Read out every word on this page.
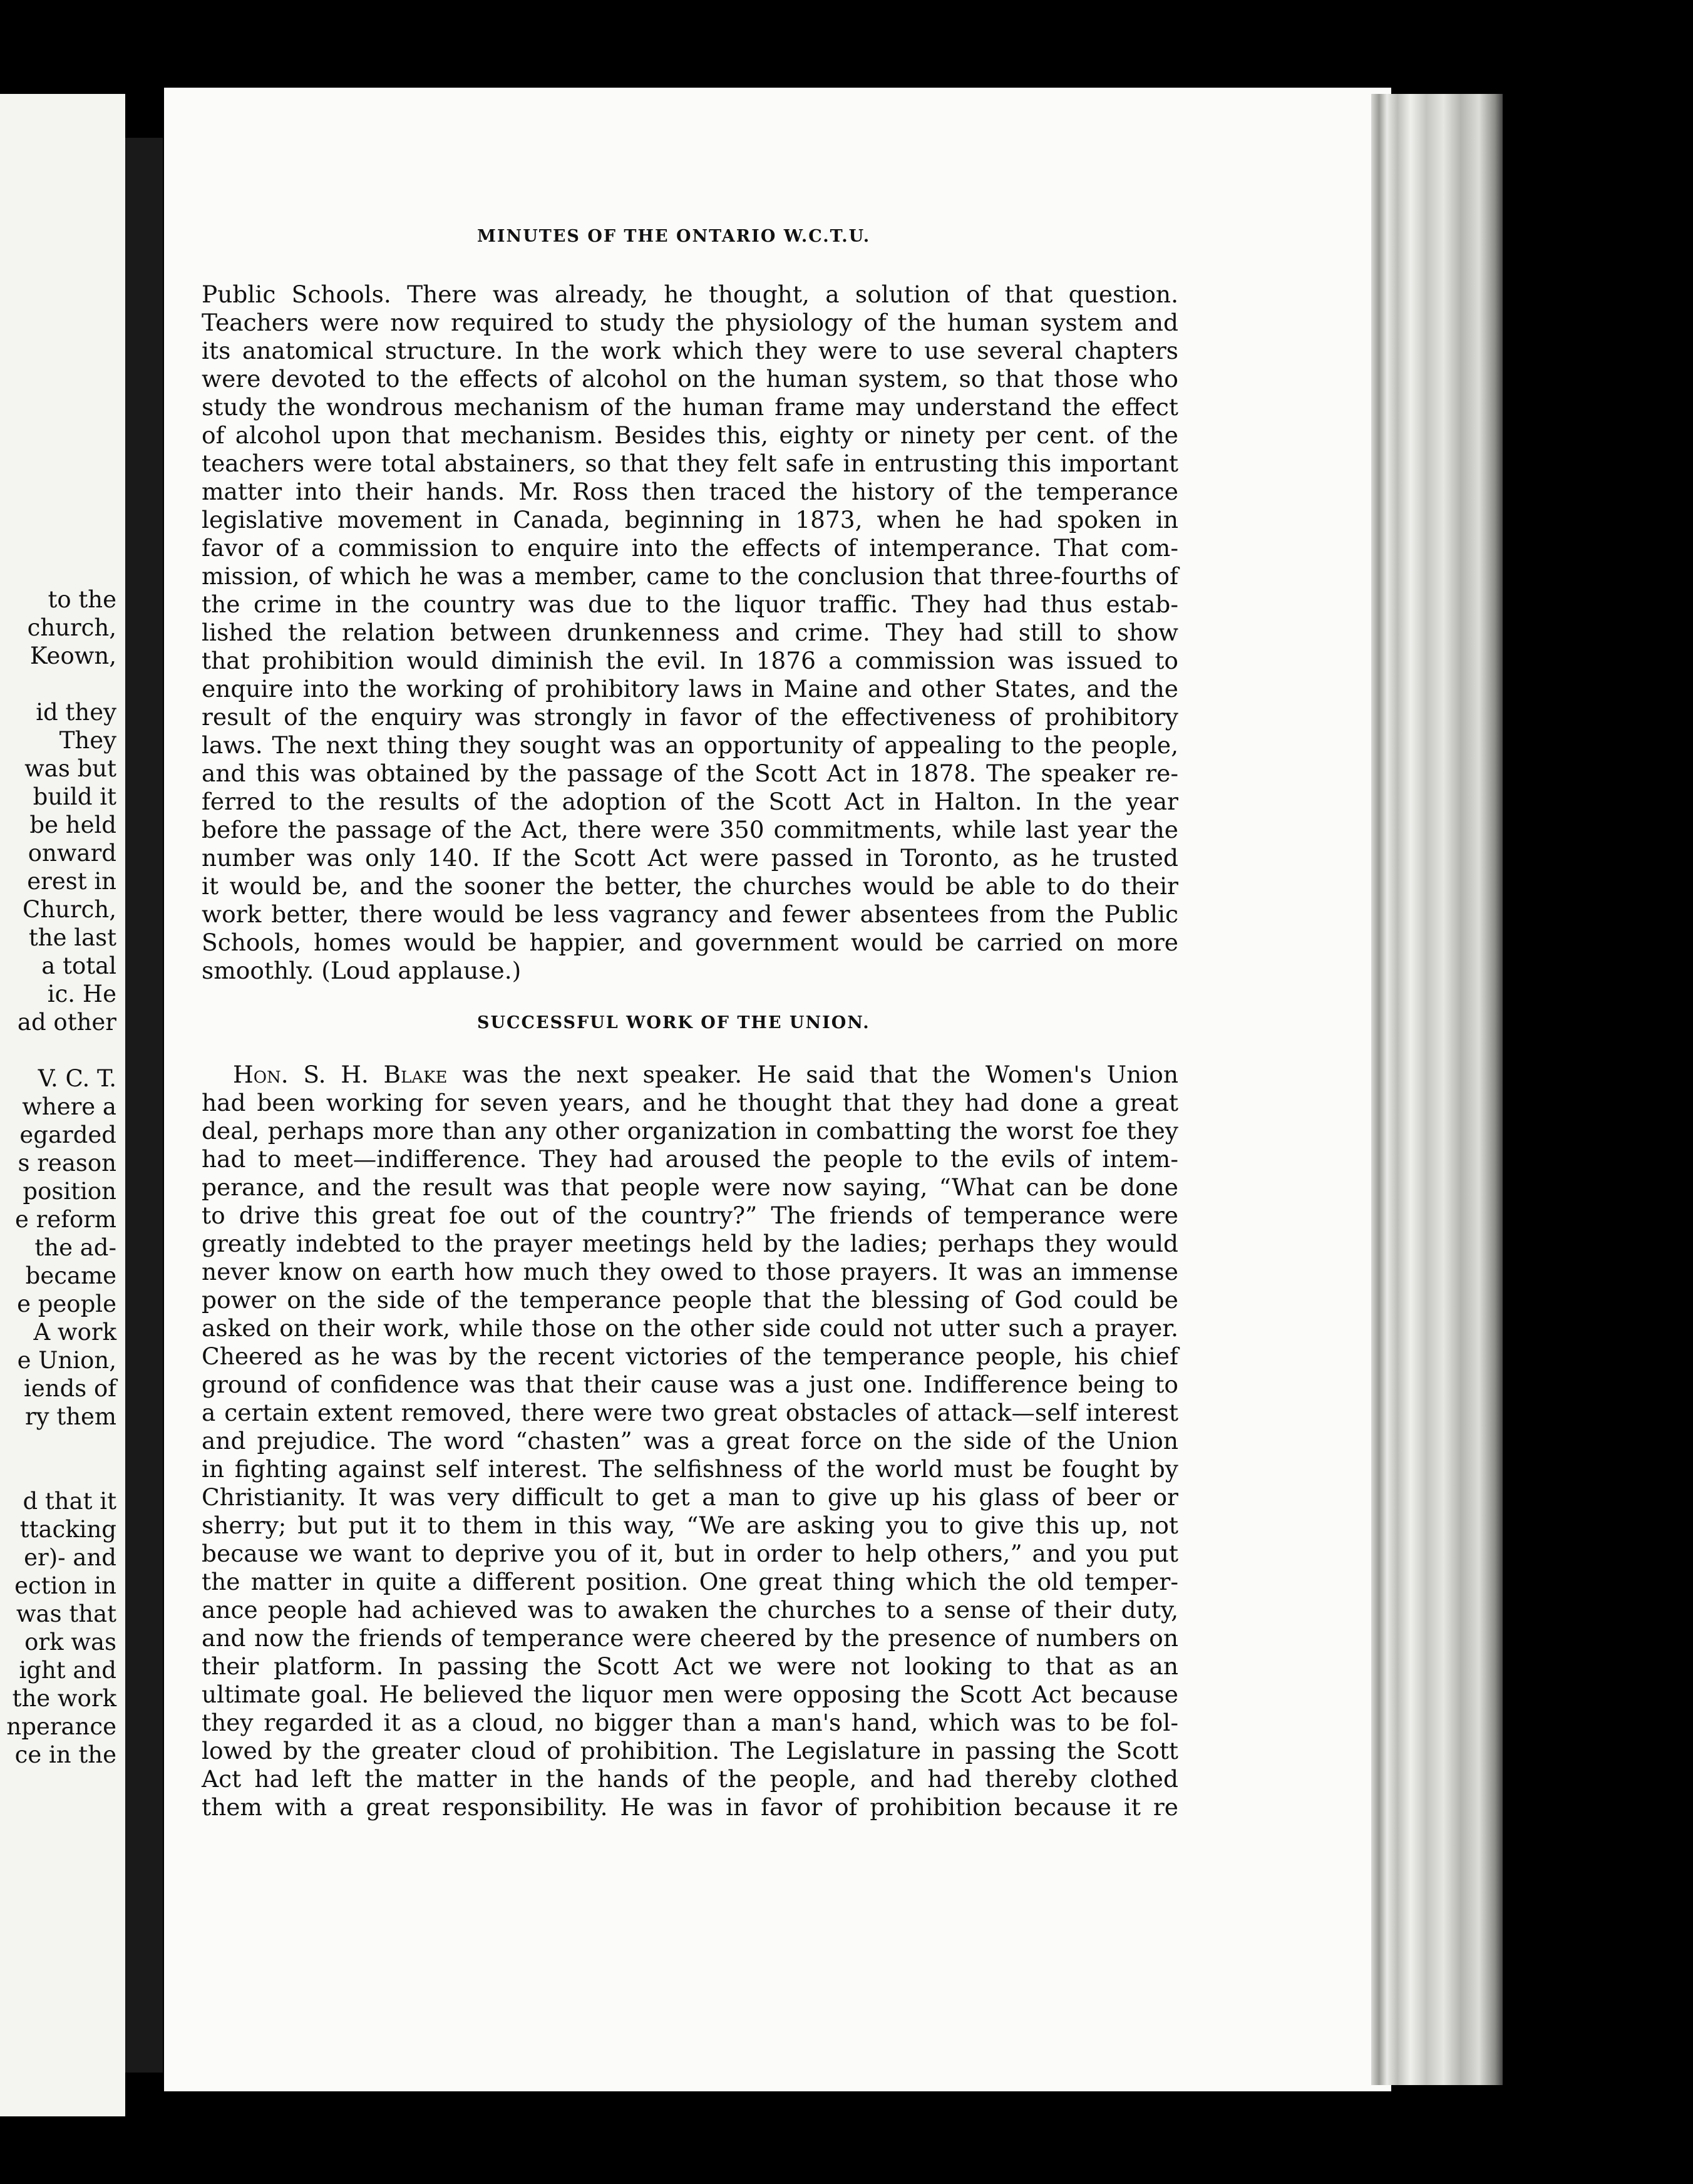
to the

church,

Keown,

id they

They

was but

build it

be held

onward

erest in

Church,

the last

a total

ic. He

ad other

V. C. T.

where a

egarded

s reason

position

e reform

the ad-

became

e people

A work

e Union,

iends of

ry them

d that it

ttacking

er)- and

ection in

was that

ork was

ight and

the work

nperance

ce in the

MINUTES OF THE ONTARIO W.C.T.U.
Public Schools. There was already, he thought, a solution of that question.
Teachers were now required to study the physiology of the human system and
its anatomical structure. In the work which they were to use several chapters
were devoted to the effects of alcohol on the human system, so that those who
study the wondrous mechanism of the human frame may understand the effect
of alcohol upon that mechanism. Besides this, eighty or ninety per cent. of the
teachers were total abstainers, so that they felt safe in entrusting this important
matter into their hands. Mr. Ross then traced the history of the temperance
legislative movement in Canada, beginning in 1873, when he had spoken in
favor of a commission to enquire into the effects of intemperance. That com-
mission, of which he was a member, came to the conclusion that three-fourths of
the crime in the country was due to the liquor traffic. They had thus estab-
lished the relation between drunkenness and crime. They had still to show
that prohibition would diminish the evil. In 1876 a commission was issued to
enquire into the working of prohibitory laws in Maine and other States, and the
result of the enquiry was strongly in favor of the effectiveness of prohibitory
laws. The next thing they sought was an opportunity of appealing to the people,
and this was obtained by the passage of the Scott Act in 1878. The speaker re-
ferred to the results of the adoption of the Scott Act in Halton. In the year
before the passage of the Act, there were 350 commitments, while last year the
number was only 140. If the Scott Act were passed in Toronto, as he trusted
it would be, and the sooner the better, the churches would be able to do their
work better, there would be less vagrancy and fewer absentees from the Public
Schools, homes would be happier, and government would be carried on more
smoothly. (Loud applause.)
SUCCESSFUL WORK OF THE UNION.
Hon. S. H. Blake was the next speaker. He said that the Women's Union
had been working for seven years, and he thought that they had done a great
deal, perhaps more than any other organization in combatting the worst foe they
had to meet—indifference. They had aroused the people to the evils of intem-
perance, and the result was that people were now saying, “What can be done
to drive this great foe out of the country?” The friends of temperance were
greatly indebted to the prayer meetings held by the ladies; perhaps they would
never know on earth how much they owed to those prayers. It was an immense
power on the side of the temperance people that the blessing of God could be
asked on their work, while those on the other side could not utter such a prayer.
Cheered as he was by the recent victories of the temperance people, his chief
ground of confidence was that their cause was a just one. Indifference being to
a certain extent removed, there were two great obstacles of attack—self interest
and prejudice. The word “chasten” was a great force on the side of the Union
in fighting against self interest. The selfishness of the world must be fought by
Christianity. It was very difficult to get a man to give up his glass of beer or
sherry; but put it to them in this way, “We are asking you to give this up, not
because we want to deprive you of it, but in order to help others,” and you put
the matter in quite a different position. One great thing which the old temper-
ance people had achieved was to awaken the churches to a sense of their duty,
and now the friends of temperance were cheered by the presence of numbers on
their platform. In passing the Scott Act we were not looking to that as an
ultimate goal. He believed the liquor men were opposing the Scott Act because
they regarded it as a cloud, no bigger than a man's hand, which was to be fol-
lowed by the greater cloud of prohibition. The Legislature in passing the Scott
Act had left the matter in the hands of the people, and had thereby clothed
them with a great responsibility. He was in favor of prohibition because it re
